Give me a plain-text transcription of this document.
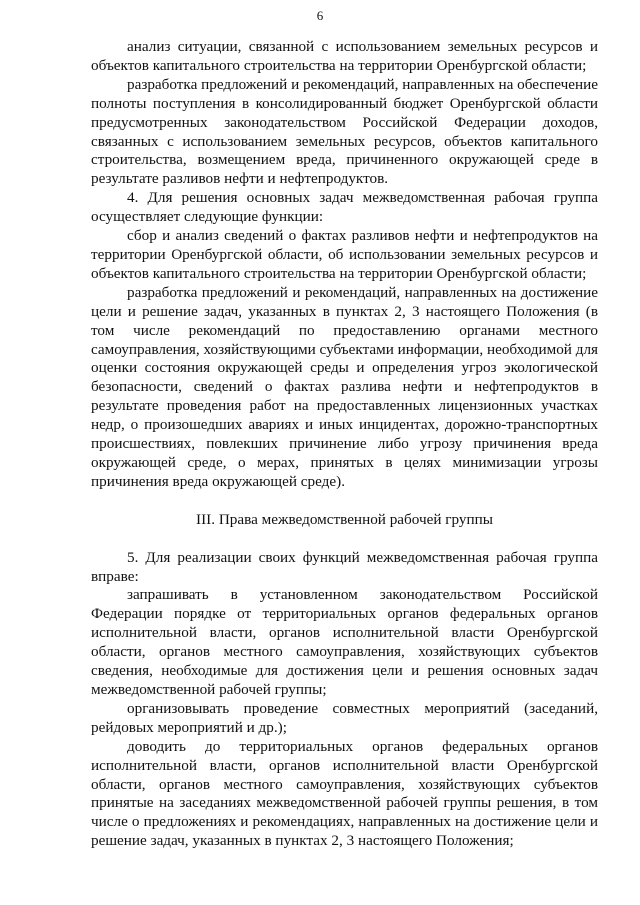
6

анализ ситуации, связанной с использованием земельных ресурсов и объектов капитального строительства на территории Оренбургской области;

разработка предложений и рекомендаций, направленных на обеспечение полноты поступления в консолидированный бюджет Оренбургской области предусмотренных законодательством Российской Федерации доходов, связанных с использованием земельных ресурсов, объектов капитального строительства, возмещением вреда, причиненного окружающей среде в результате разливов нефти и нефтепродуктов.

4. Для решения основных задач межведомственная рабочая группа осуществляет следующие функции:

сбор и анализ сведений о фактах разливов нефти и нефтепродуктов на территории Оренбургской области, об использовании земельных ресурсов и объектов капитального строительства на территории Оренбургской области;

разработка предложений и рекомендаций, направленных на достижение цели и решение задач, указанных в пунктах 2, 3 настоящего Положения (в том числе рекомендаций по предоставлению органами местного самоуправления, хозяйствующими субъектами информации, необходимой для оценки состояния окружающей среды и определения угроз экологической безопасности, сведений о фактах разлива нефти и нефтепродуктов в результате проведения работ на предоставленных лицензионных участках недр, о произошедших авариях и иных инцидентах, дорожно-транспортных происшествиях, повлекших причинение либо угрозу причинения вреда окружающей среде, о мерах, принятых в целях минимизации угрозы причинения вреда окружающей среде).

III. Права межведомственной рабочей группы

5. Для реализации своих функций межведомственная рабочая группа вправе:

запрашивать в установленном законодательством Российской Федерации порядке от территориальных органов федеральных органов исполнительной власти, органов исполнительной власти Оренбургской области, органов местного самоуправления, хозяйствующих субъектов сведения, необходимые для достижения цели и решения основных задач межведомственной рабочей группы;

организовывать проведение совместных мероприятий (заседаний, рейдовых мероприятий и др.);

доводить до территориальных органов федеральных органов исполнительной власти, органов исполнительной власти Оренбургской области, органов местного самоуправления, хозяйствующих субъектов принятые на заседаниях межведомственной рабочей группы решения, в том числе о предложениях и рекомендациях, направленных на достижение цели и решение задач, указанных в пунктах 2, 3 настоящего Положения;
